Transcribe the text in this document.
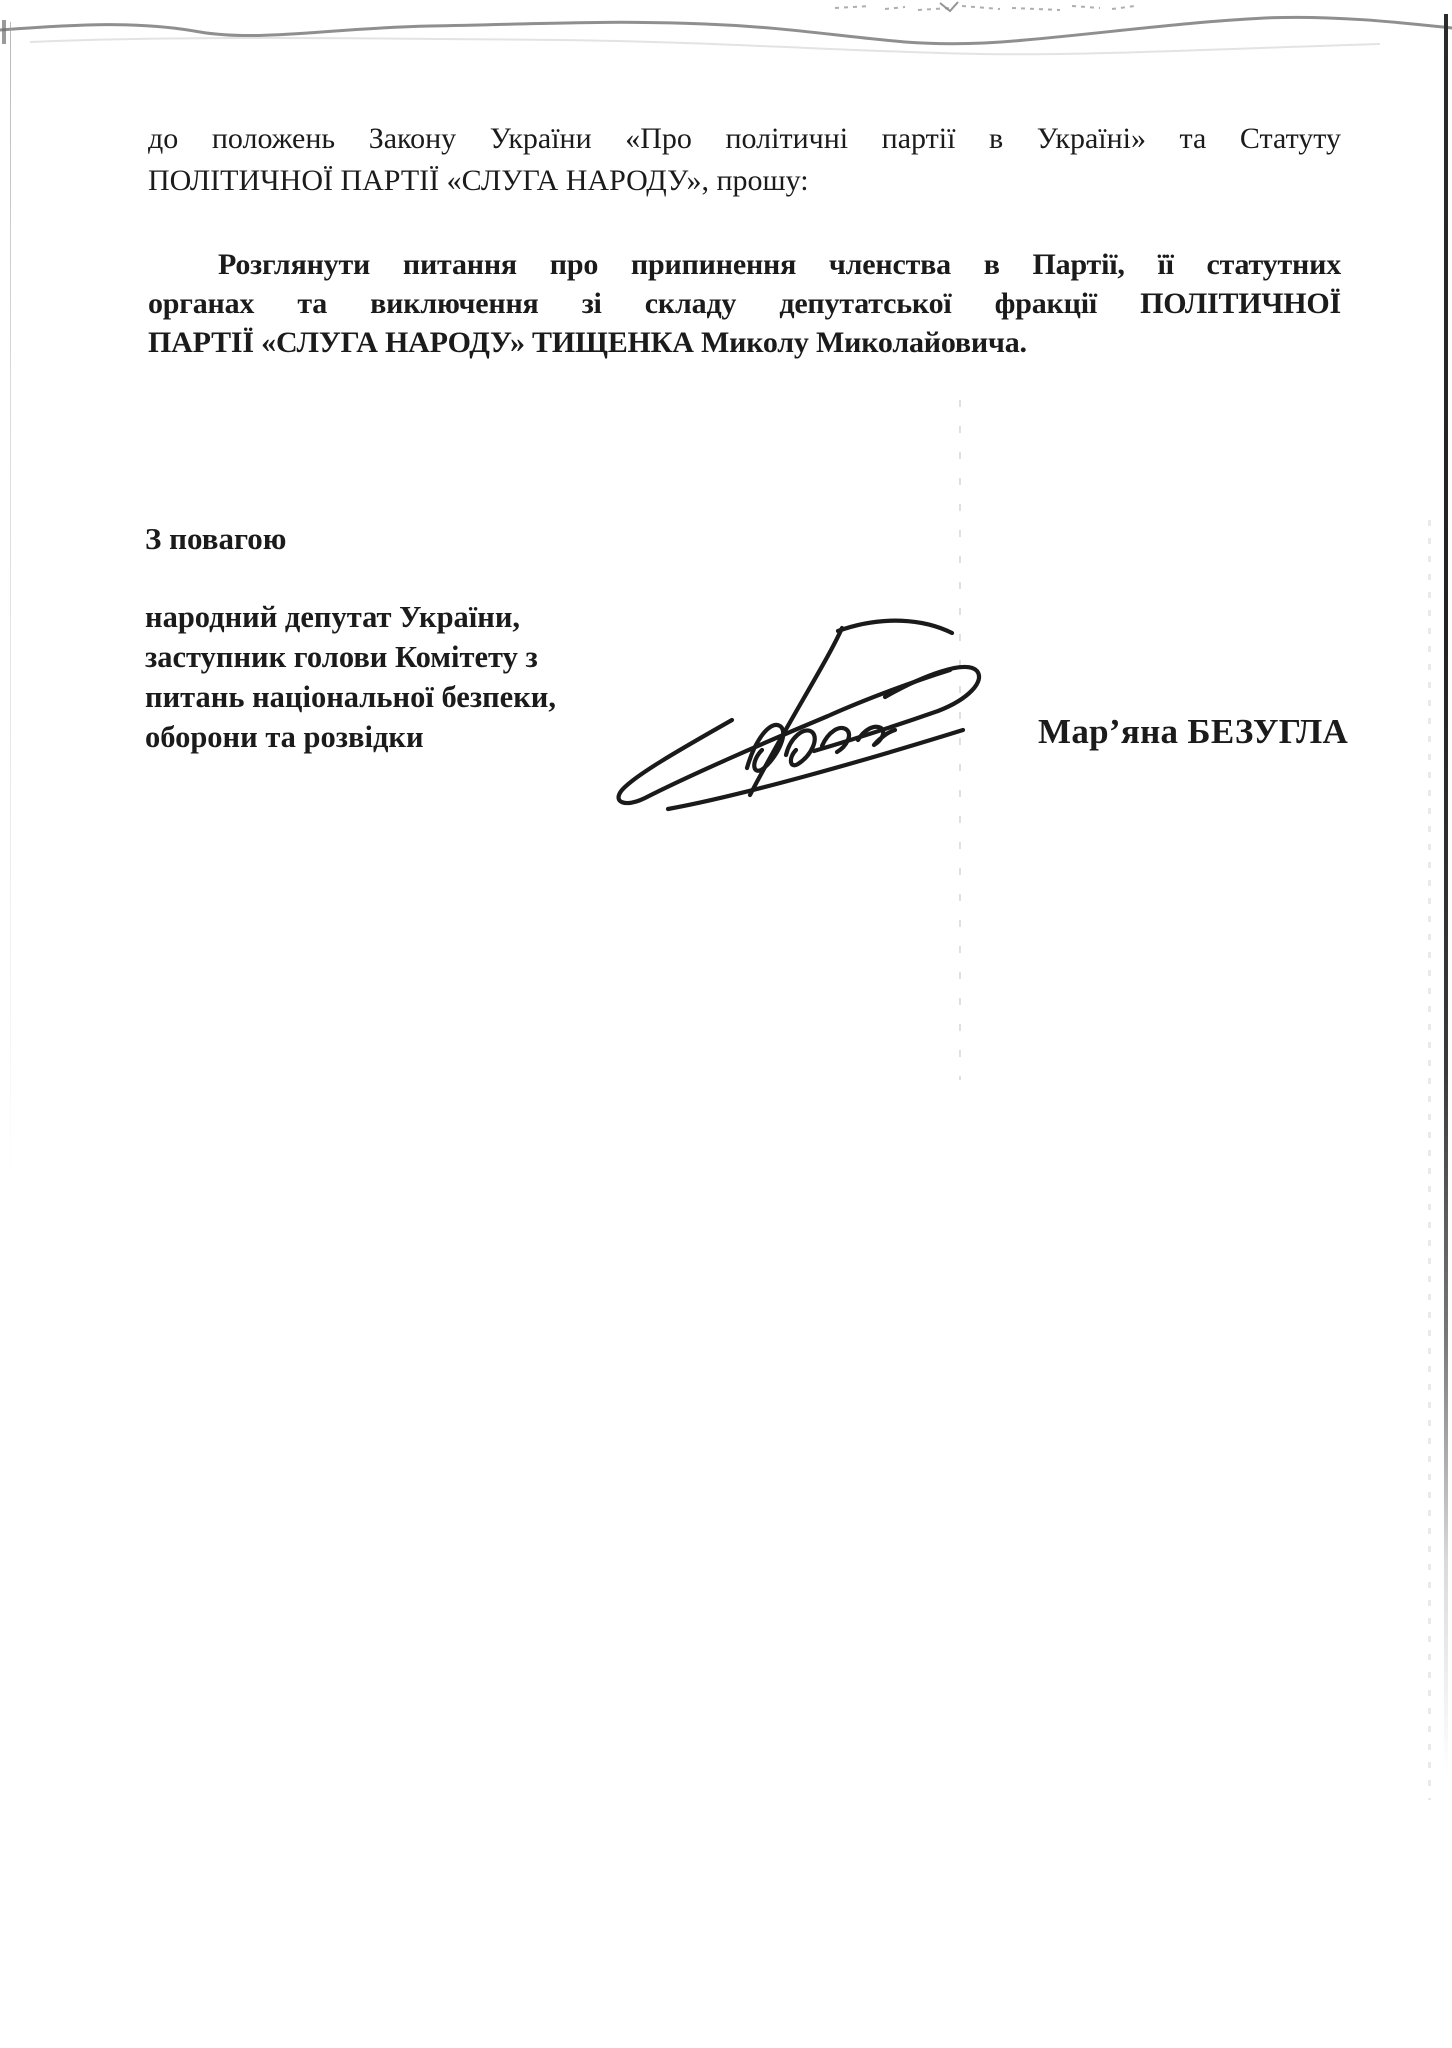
до положень Закону України «Про політичні партії в Україні» та Статуту
ПОЛІТИЧНОЇ ПАРТІЇ «СЛУГА НАРОДУ», прошу:
Розглянути питання про припинення членства в Партії, її статутних
органах та виключення зі складу депутатської фракції ПОЛІТИЧНОЇ
ПАРТІЇ «СЛУГА НАРОДУ» ТИЩЕНКА Миколу Миколайовича.
З повагою
народний депутат України,
заступник голови Комітету з
питань національної безпеки,
оборони та розвідки	Мар’яна БЕЗУГЛА
